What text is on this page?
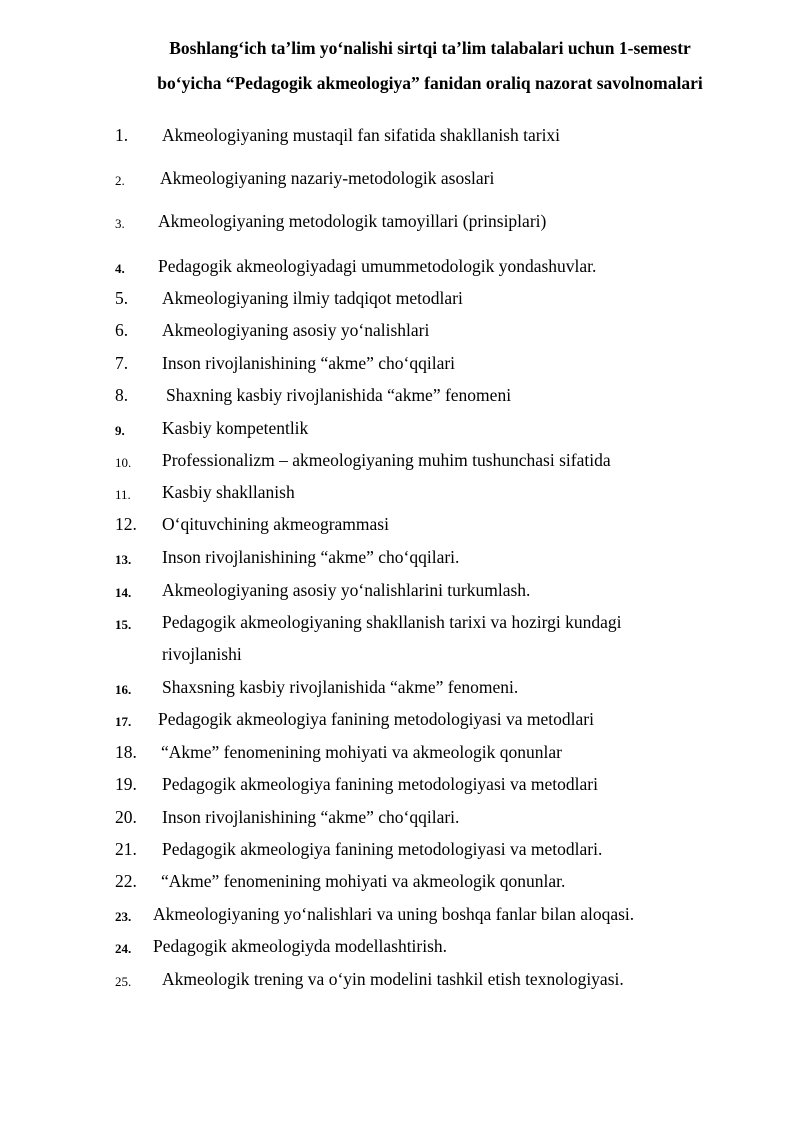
Boshlang‘ich ta’lim yo‘nalishi sirtqi ta’lim talabalari uchun 1-semestr
bo‘yicha “Pedagogik akmeologiya” fanidan oraliq nazorat savolnomalari
1. Akmeologiyaning mustaqil fan sifatida shakllanish tarixi
2. Akmeologiyaning nazariy-metodologik asoslari
3. Akmeologiyaning metodologik tamoyillari (prinsiplari)
4. Pedagogik akmeologiyadagi umummetodologik yondashuvlar.
5. Akmeologiyaning ilmiy tadqiqot metodlari
6. Akmeologiyaning asosiy yo‘nalishlari
7. Inson rivojlanishining “akme” cho‘qqilari
8. Shaxning kasbiy rivojlanishida “akme” fenomeni
9. Kasbiy kompetentlik
10. Professionalizm – akmeologiyaning muhim tushunchasi sifatida
11. Kasbiy shakllanish
12. O‘qituvchining akmeogrammasi
13. Inson rivojlanishining “akme” cho‘qqilari.
14. Akmeologiyaning asosiy yo‘nalishlarini turkumlash.
15. Pedagogik akmeologiyaning shakllanish tarixi va hozirgi kundagi
rivojlanishi
16. Shaxsning kasbiy rivojlanishida “akme” fenomeni.
17. Pedagogik akmeologiya fanining metodologiyasi va metodlari
18. “Akme” fenomenining mohiyati va akmeologik qonunlar
19. Pedagogik akmeologiya fanining metodologiyasi va metodlari
20. Inson rivojlanishining “akme” cho‘qqilari.
21. Pedagogik akmeologiya fanining metodologiyasi va metodlari.
22. “Akme” fenomenining mohiyati va akmeologik qonunlar.
23. Akmeologiyaning yo‘nalishlari va uning boshqa fanlar bilan aloqasi.
24. Pedagogik akmeologiyda modellashtirish.
25. Akmeologik trening va o‘yin modelini tashkil etish texnologiyasi.
